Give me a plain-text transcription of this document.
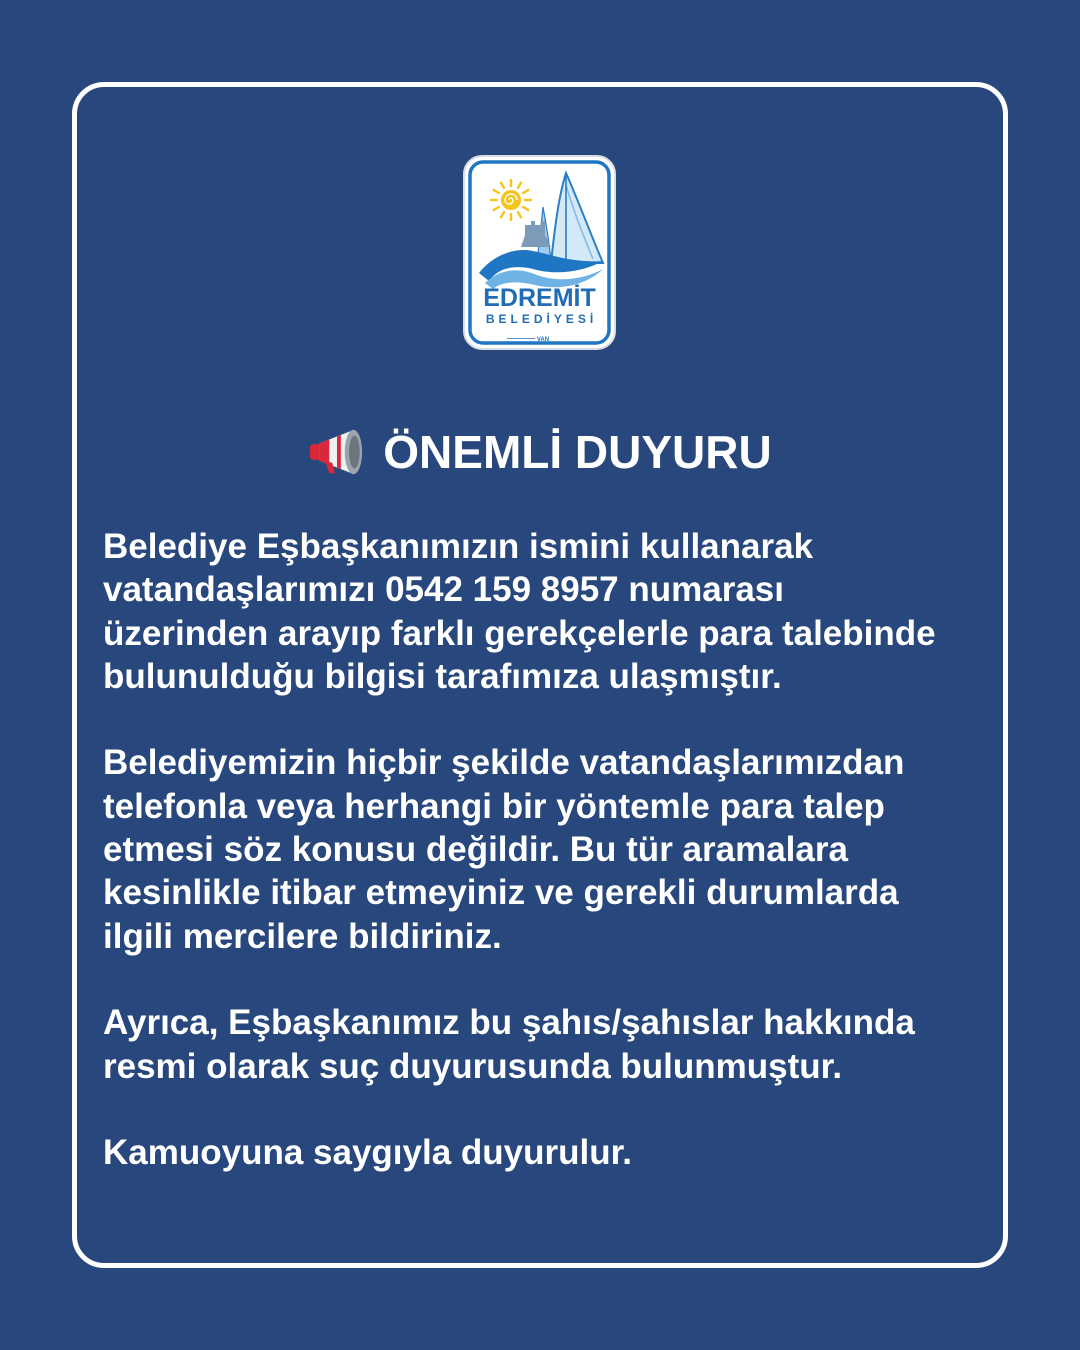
EDREMİT
BELEDİYESİ
VAN
ÖNEMLİ DUYURU
Belediye Eşbaşkanımızın ismini kullanarak
vatandaşlarımızı 0542 159 8957 numarası
üzerinden arayıp farklı gerekçelerle para talebinde
bulunulduğu bilgisi tarafımıza ulaşmıştır.
Belediyemizin hiçbir şekilde vatandaşlarımızdan
telefonla veya herhangi bir yöntemle para talep
etmesi söz konusu değildir. Bu tür aramalara
kesinlikle itibar etmeyiniz ve gerekli durumlarda
ilgili mercilere bildiriniz.
Ayrıca, Eşbaşkanımız bu şahıs/şahıslar hakkında
resmi olarak suç duyurusunda bulunmuştur.
Kamuoyuna saygıyla duyurulur.
